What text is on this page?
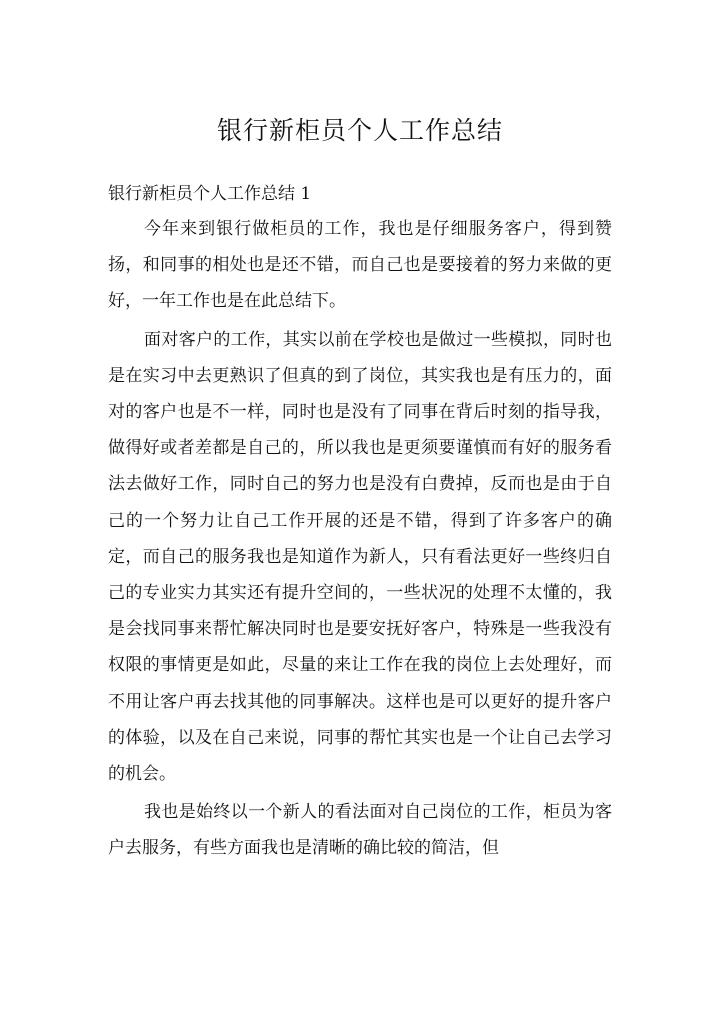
银行新柜员个人工作总结

银行新柜员个人工作总结 1

今年来到银行做柜员的工作，我也是仔细服务客户，得到赞扬，和同事的相处也是还不错，而自己也是要接着的努力来做的更好，一年工作也是在此总结下。

面对客户的工作，其实以前在学校也是做过一些模拟，同时也是在实习中去更熟识了但真的到了岗位，其实我也是有压力的，面对的客户也是不一样，同时也是没有了同事在背后时刻的指导我，做得好或者差都是自己的，所以我也是更须要谨慎而有好的服务看法去做好工作，同时自己的努力也是没有白费掉，反而也是由于自己的一个努力让自己工作开展的还是不错，得到了许多客户的确定，而自己的服务我也是知道作为新人，只有看法更好一些终归自己的专业实力其实还有提升空间的，一些状况的处理不太懂的，我是会找同事来帮忙解决同时也是要安抚好客户，特殊是一些我没有权限的事情更是如此，尽量的来让工作在我的岗位上去处理好，而不用让客户再去找其他的同事解决。这样也是可以更好的提升客户的体验，以及在自己来说，同事的帮忙其实也是一个让自己去学习的机会。

我也是始终以一个新人的看法面对自己岗位的工作，柜员为客户去服务，有些方面我也是清晰的确比较的简洁，但
